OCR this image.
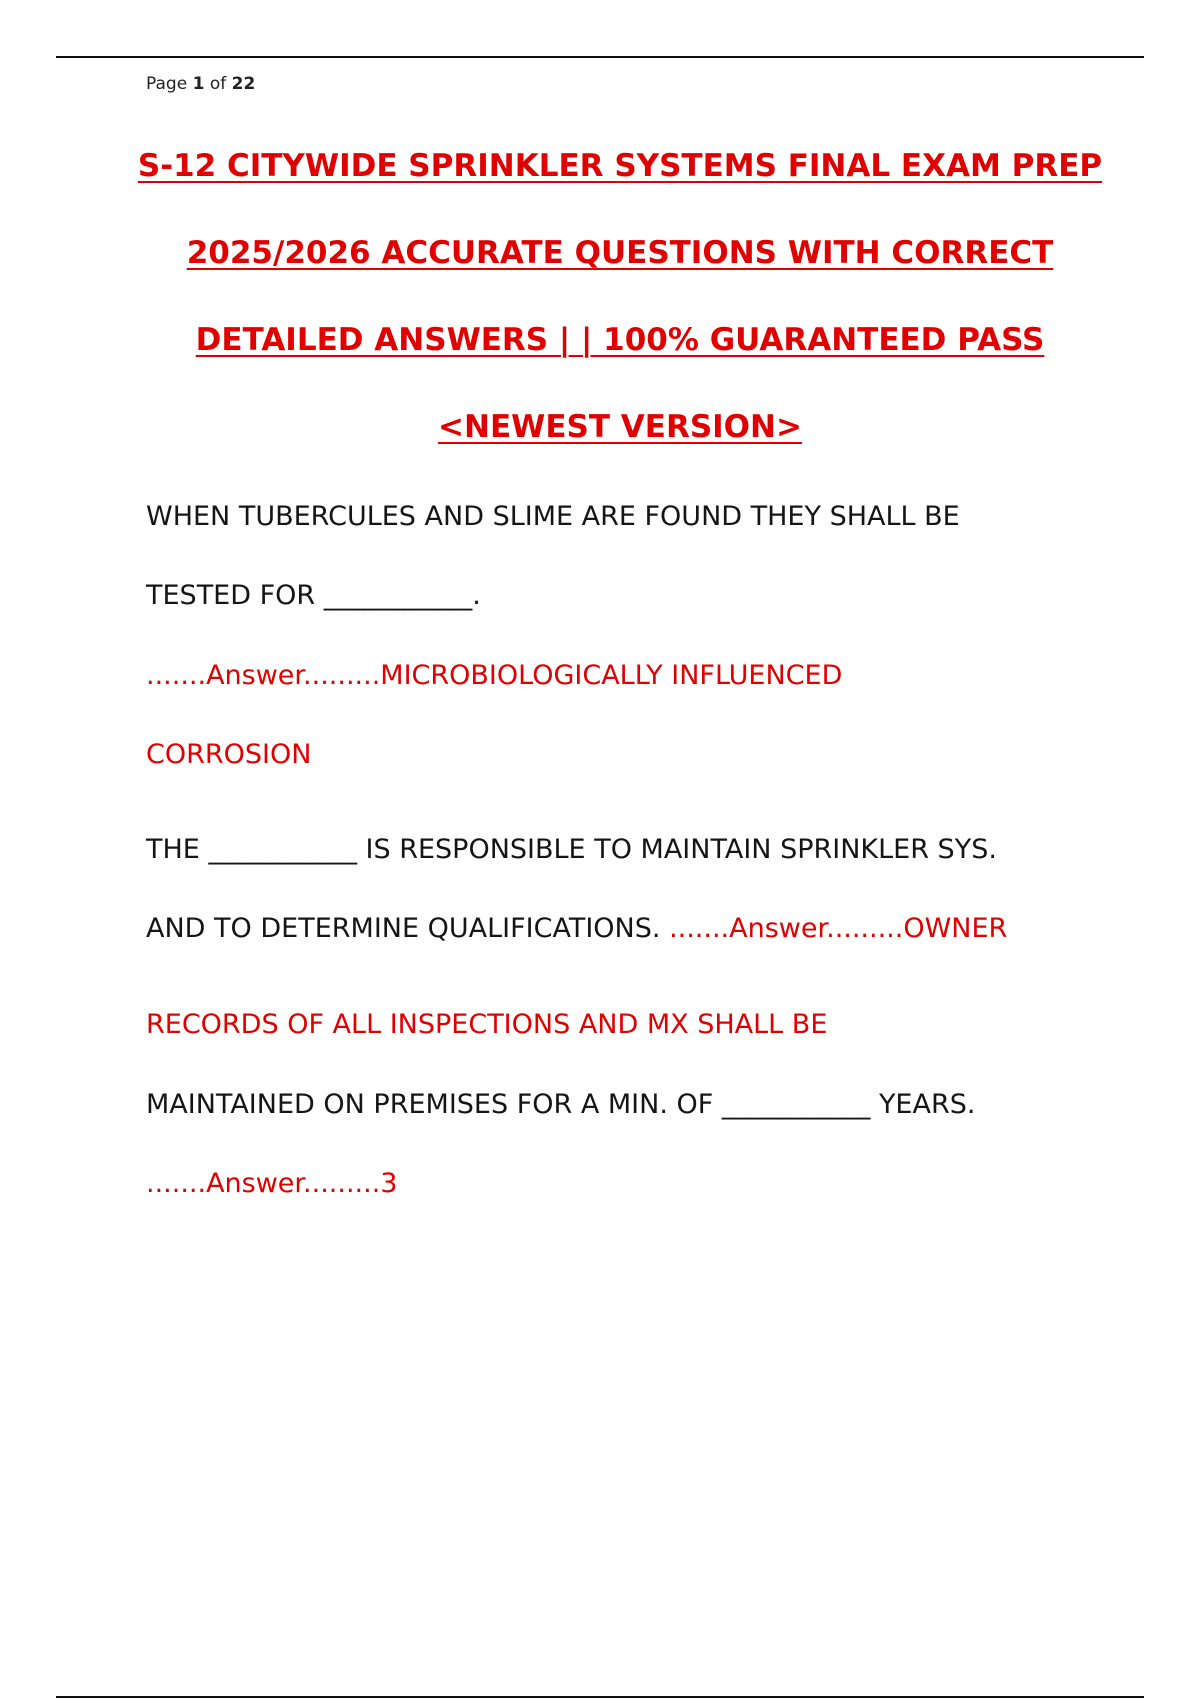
Page 1 of 22
S-12 CITYWIDE SPRINKLER SYSTEMS FINAL EXAM PREP
2025/2026 ACCURATE QUESTIONS WITH CORRECT
DETAILED ANSWERS | | 100% GUARANTEED PASS
<NEWEST VERSION>
WHEN TUBERCULES AND SLIME ARE FOUND THEY SHALL BE
TESTED FOR ___________.
.......Answer.........MICROBIOLOGICALLY INFLUENCED
CORROSION
THE ___________ IS RESPONSIBLE TO MAINTAIN SPRINKLER SYS.
AND TO DETERMINE QUALIFICATIONS. .......Answer.........OWNER
RECORDS OF ALL INSPECTIONS AND MX SHALL BE
MAINTAINED ON PREMISES FOR A MIN. OF ___________ YEARS.
.......Answer.........3
